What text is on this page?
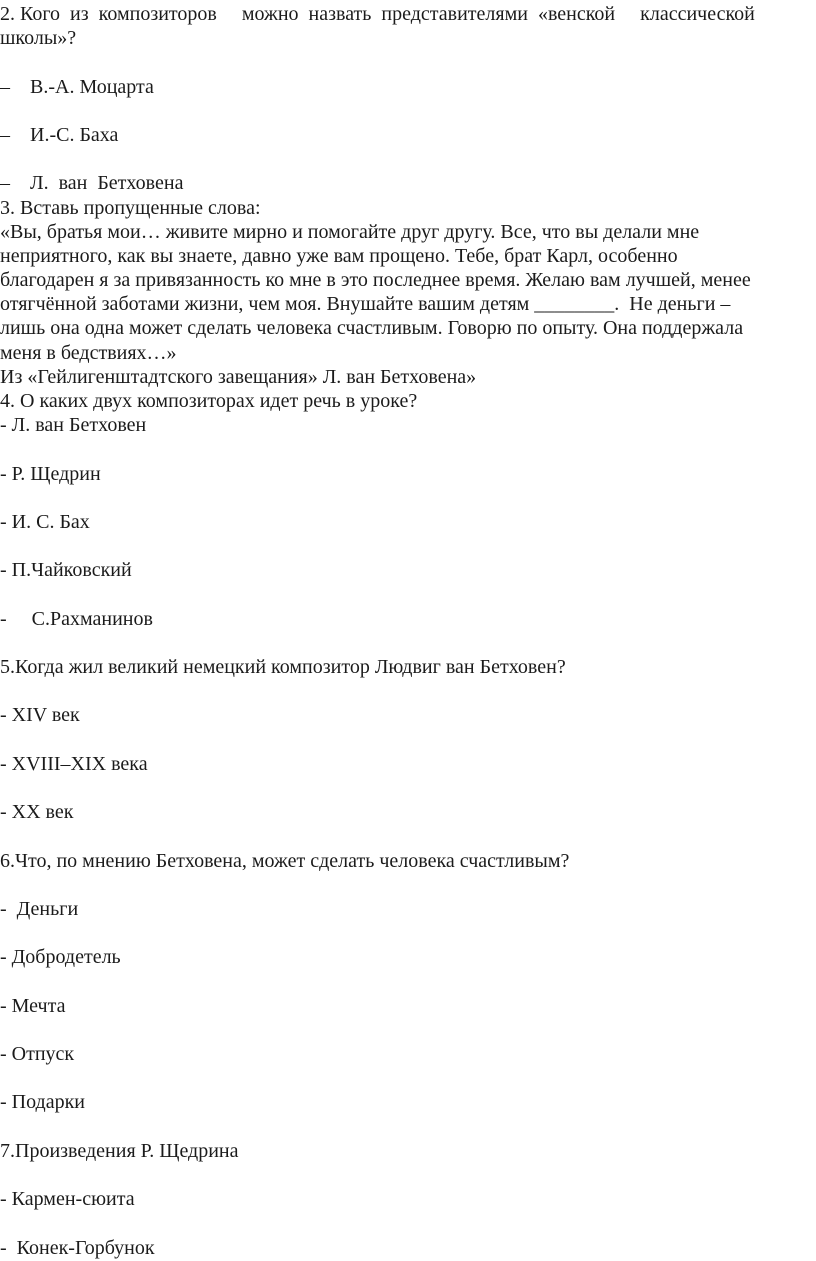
2. Кого  из  композиторов     можно  назвать  представителями  «венской     классической
школы»?
–    В.-А. Моцарта
–    И.-С. Баха
–    Л.  ван  Бетховена
3. Вставь пропущенные слова:
«Вы, братья мои… живите мирно и помогайте друг другу. Все, что вы делали мне
неприятного, как вы знаете, давно уже вам прощено. Тебе, брат Карл, особенно
благодарен я за привязанность ко мне в это последнее время. Желаю вам лучшей, менее
отягчённой заботами жизни, чем моя. Внушайте вашим детям ________.  Не деньги –
лишь она одна может сделать человека счастливым. Говорю по опыту. Она поддержала
меня в бедствиях…»
Из «Гейлигенштадтского завещания» Л. ван Бетховена»
4. О каких двух композиторах идет речь в уроке?
- Л. ван Бетховен
- Р. Щедрин
- И. С. Бах
- П.Чайковский
-     С.Рахманинов
5.Когда жил великий немецкий композитор Людвиг ван Бетховен?
- XIV век
- XVIII–XIX века
- XX век
6.Что, по мнению Бетховена, может сделать человека счастливым?
-  Деньги
- Добродетель
- Мечта
- Отпуск
- Подарки
7.Произведения Р. Щедрина
- Кармен-сюита
-  Конек-Горбунок
